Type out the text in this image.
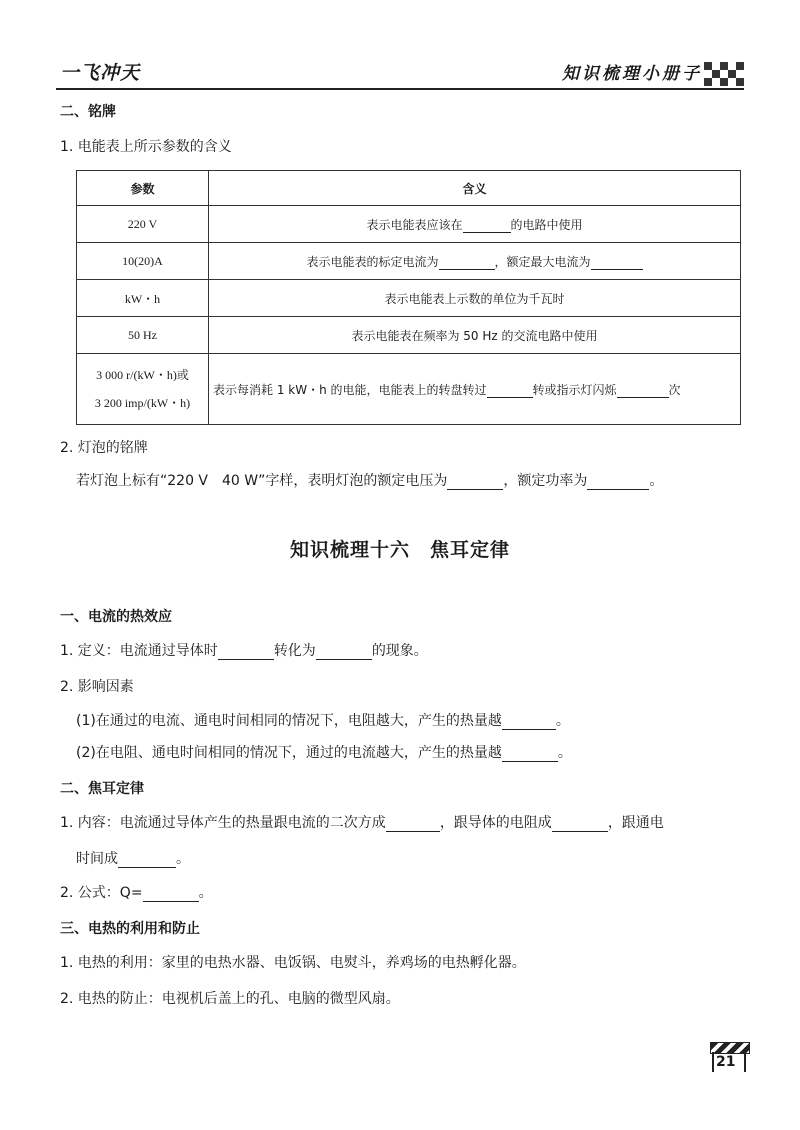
一飞冲天	知识梳理小册子
二、铭牌
1. 电能表上所示参数的含义
参数	含义
220 V	表示电能表应该在 的电路中使用
10(20)A	表示电能表的标定电流为 ，额定最大电流为
kW・h	表示电能表上示数的单位为千瓦时
50 Hz	表示电能表在频率为 50 Hz 的交流电路中使用

3 000 r/(kW・h)或
3 200 imp/(kW・h)	表示每消耗 1 kW・h 的电能，电能表上的转盘转过 转或指示灯闪烁 次
2. 灯泡的铭牌
若灯泡上标有“220 V　40 W”字样，表明灯泡的额定电压为	，额定功率为	。
知识梳理十六　焦耳定律
一、电流的热效应
1. 定义：电流通过导体时	转化为	的现象。
2. 影响因素
(1)在通过的电流、通电时间相同的情况下，电阻越大，产生的热量越	。
(2)在电阻、通电时间相同的情况下，通过的电流越大，产生的热量越	。
二、焦耳定律
1. 内容：电流通过导体产生的热量跟电流的二次方成	，跟导体的电阻成	，跟通电
时间成	。
2. 公式：Q=	。
三、电热的利用和防止
1. 电热的利用：家里的电热水器、电饭锅、电熨斗，养鸡场的电热孵化器。
2. 电热的防止：电视机后盖上的孔、电脑的微型风扇。
21
